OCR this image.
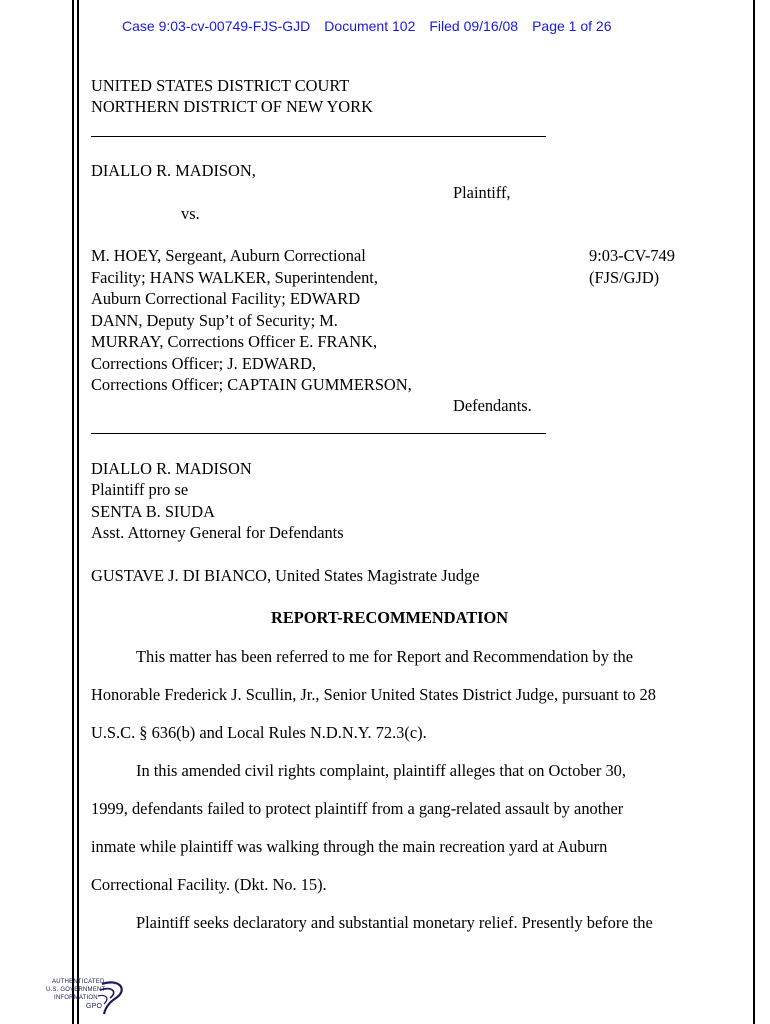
Case 9:03-cv-00749-FJS-GJD Document 102 Filed 09/16/08 Page 1 of 26
UNITED STATES DISTRICT COURT
NORTHERN DISTRICT OF NEW YORK
DIALLO R. MADISON,
Plaintiff,
vs.
M. HOEY, Sergeant, Auburn Correctional
Facility; HANS WALKER, Superintendent,
Auburn Correctional Facility; EDWARD
DANN, Deputy Sup’t of Security; M.
MURRAY, Corrections Officer E. FRANK,
Corrections Officer; J. EDWARD,
Corrections Officer; CAPTAIN GUMMERSON,
9:03-CV-749
(FJS/GJD)
Defendants.
DIALLO R. MADISON
Plaintiff pro se
SENTA B. SIUDA
Asst. Attorney General for Defendants
GUSTAVE J. DI BIANCO, United States Magistrate Judge
REPORT-RECOMMENDATION
This matter has been referred to me for Report and Recommendation by the
Honorable Frederick J. Scullin, Jr., Senior United States District Judge, pursuant to 28
U.S.C. § 636(b) and Local Rules N.D.N.Y. 72.3(c).
In this amended civil rights complaint, plaintiff alleges that on October 30,
1999, defendants failed to protect plaintiff from a gang-related assault by another
inmate while plaintiff was walking through the main recreation yard at Auburn
Correctional Facility. (Dkt. No. 15).
Plaintiff seeks declaratory and substantial monetary relief. Presently before the
AUTHENTICATED
U.S. GOVERNMENT
INFORMATION
GPO
